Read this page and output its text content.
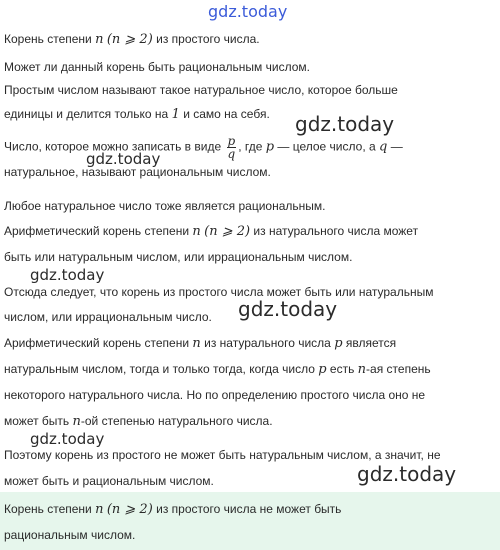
gdz.today
Корень степени n (n ⩾ 2) из простого числа.
Может ли данный корень быть рациональным числом.
Простым числом называют такое натуральное число, которое больше
единицы и делится только на 1 и само на себя. gdz.today
Число, которое можно записать в виде $\frac{p}{q}$ , где p — целое число, а q —
gdz.today
натуральное, называют рациональным числом.
Любое натуральное число тоже является рациональным.
Арифметический корень степени n (n ⩾ 2) из натурального числа может
быть или натуральным числом, или иррациональным числом.
gdz.today
Отсюда следует, что корень из простого числа может быть или натуральным
числом, или иррациональным число. gdz.today
Арифметический корень степени n из натурального числа p является
натуральным числом, тогда и только тогда, когда число p есть n-ая степень
некоторого натурального числа. Но по определению простого числа оно не
может быть n-ой степенью натурального числа.
gdz.today
Поэтому корень из простого не может быть натуральным числом, а значит, не
gdz.today
может быть и рациональным числом.
Корень степени n (n ⩾ 2) из простого числа не может быть
рациональным числом.
